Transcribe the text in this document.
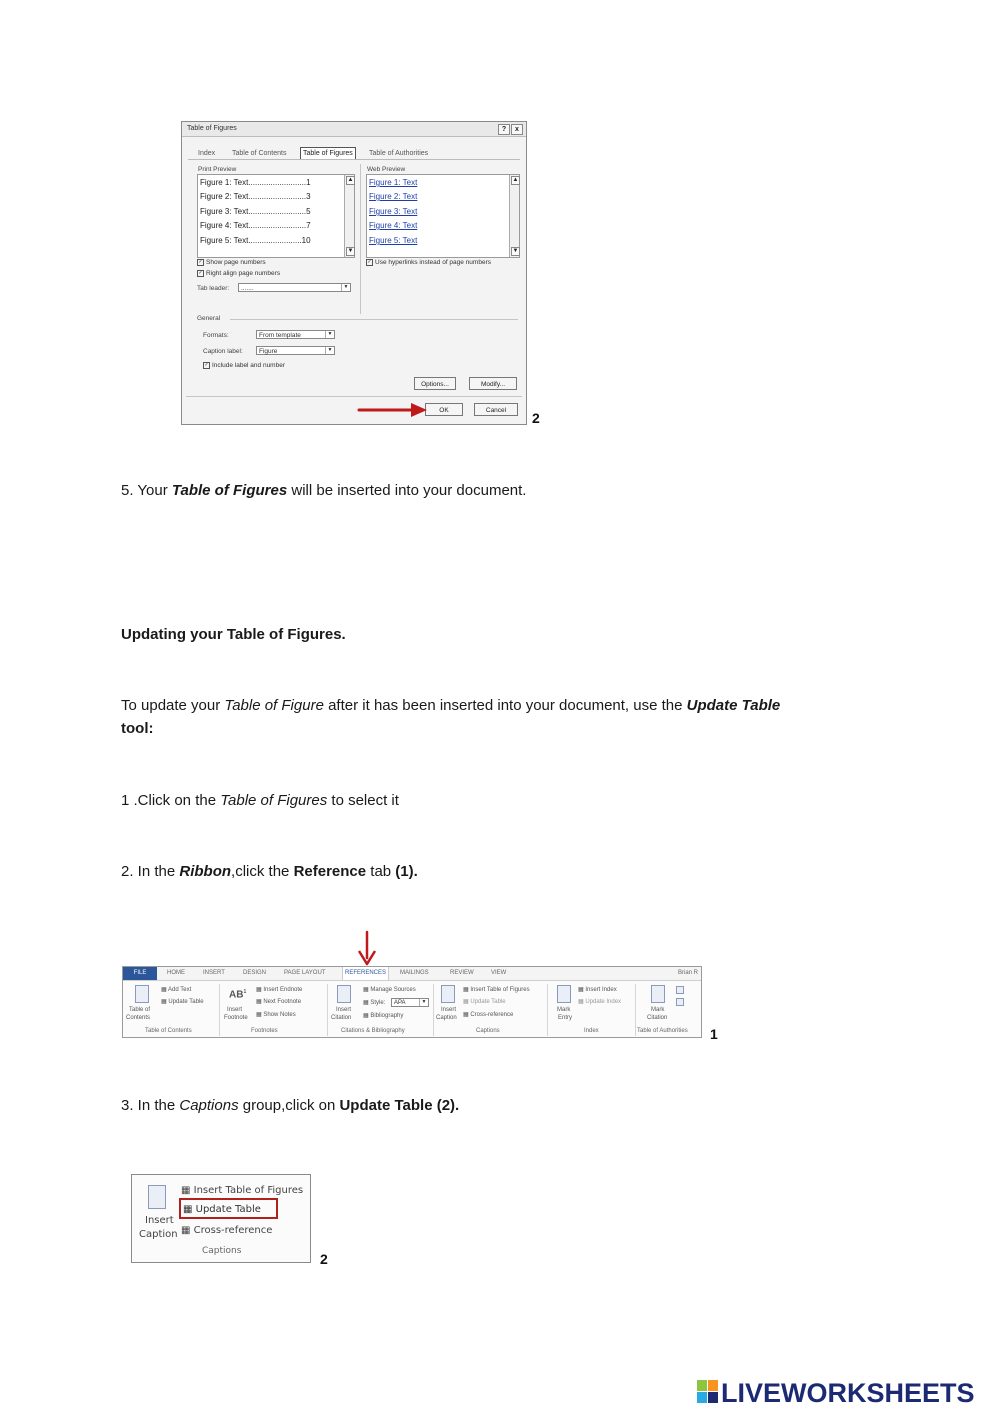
Table of Figures	?	x
Index Table of Contents	Table of Figures	Table of Authorities
Print Preview
Figure 1: Text..........................1
Figure 2: Text..........................3
Figure 3: Text..........................5
Figure 4: Text..........................7
Figure 5: Text........................10
▲
▼
Web Preview
Figure 1: Text
Figure 2: Text
Figure 3: Text
Figure 4: Text
Figure 5: Text
▲
▼
✓ Show page numbers
✓ Right align page numbers
✓ Use hyperlinks instead of page numbers
Tab leader:	.......	▼
General
Formats:	From template	▼
Caption label:	Figure	▼
✓ Include label and number
Options...	Modify...
OK	Cancel	2
5. Your Table of Figures will be inserted into your document.
Updating your Table of Figures.
To update your Table of Figure after it has been inserted into your document, use the Update Table
tool:
1 .Click on the Table of Figures to select it
2. In the Ribbon,click the Reference tab (1).
FILE	HOME	INSERT	DESIGN	PAGE LAYOUT	REFERENCES	MAILINGS	REVIEW	VIEW	Brian R
Table of
Contents
▦ Add Text
▦ Update Table
Table of Contents
$AB^1$
Insert
Footnote
▦ Insert Endnote
▦ Next Footnote
▦ Show Notes
Footnotes
Insert
Citation
▦ Manage Sources
▦ Style:	APA	▼
▦ Bibliography
Citations & Bibliography
Insert
Caption
▦ Insert Table of Figures
▦ Update Table
▦ Cross-reference
Captions
Mark
Entry
▦ Insert Index
▦ Update Index
Index
Mark
Citation
Table of Authorities 1
3. In the Captions group,click on Update Table (2).
▦ Insert Table of Figures
▦ Update Table
▦ Cross-reference
Insert
Caption
Captions	2
LIVEWORKSHEETS
